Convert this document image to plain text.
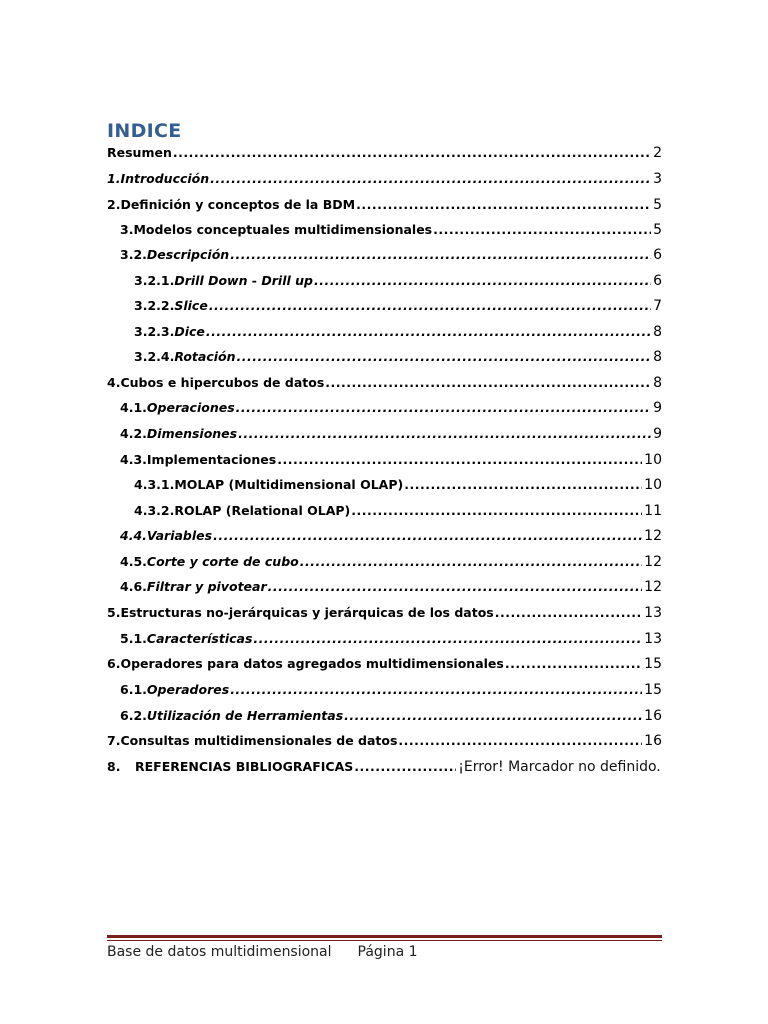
INDICE
Resumen .....	2
1. Introducción .....	3
2. Definición y conceptos de la BDM .....	5
3. Modelos conceptuales multidimensionales .....	5
3.2. Descripción .....	6
3.2.1. Drill Down - Drill up .....	6
3.2.2. Slice .....	7
3.2.3. Dice .....	8
3.2.4. Rotación .....	8
4. Cubos e hipercubos de datos .....	8
4.1. Operaciones .....	9
4.2. Dimensiones .....	9
4.3. Implementaciones .....	10
4.3.1. MOLAP (Multidimensional OLAP) .....	10
4.3.2. ROLAP (Relational OLAP) .....	11
4.4. Variables .....	12
4.5. Corte y corte de cubo .....	12
4.6. Filtrar y pivotear .....	12
5. Estructuras no-jerárquicas y jerárquicas de los datos .....	13
5.1. Características .....	13
6. Operadores para datos agregados multidimensionales .....	15
6.1. Operadores .....	15
6.2. Utilización de Herramientas .....	16
7. Consultas multidimensionales de datos .....	16
8.	REFERENCIAS BIBLIOGRAFICAS .....	¡Error! Marcador no definido.
Base de datos multidimensional Página 1
